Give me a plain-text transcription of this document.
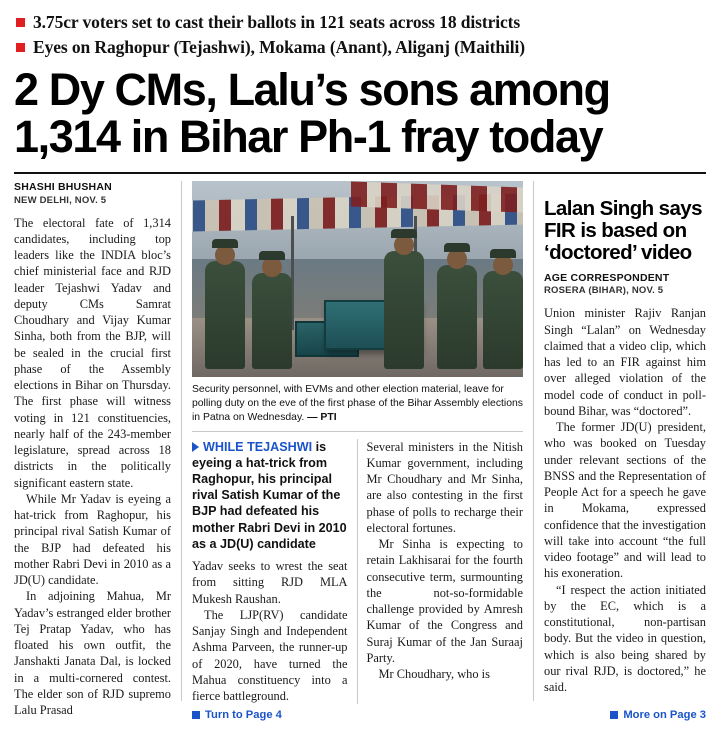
3.75cr voters set to cast their ballots in 121 seats across 18 districts
Eyes on Raghopur (Tejashwi), Mokama (Anant), Aliganj (Maithili)
2 Dy CMs, Lalu’s sons among
1,314 in Bihar Ph-1 fray today
SHASHI BHUSHAN
NEW DELHI, NOV. 5

The electoral fate of 1,314 candidates, including top leaders like the INDIA bloc’s chief ministerial face and RJD leader Tejashwi Yadav and deputy CMs Samrat Choudhary and Vijay Kumar Sinha, both from the BJP, will be sealed in the crucial first phase of the Assembly elections in Bihar on Thursday. The first phase will witness voting in 121 constituencies, nearly half of the 243-member legislature, spread across 18 districts in the politically significant eastern state.

While Mr Yadav is eyeing a hat-trick from Raghopur, his principal rival Satish Kumar of the BJP had defeated his mother Rabri Devi in 2010 as a JD(U) candidate.

In adjoining Mahua, Mr Yadav’s estranged elder brother Tej Pratap Yadav, who has floated his own outfit, the Janshakti Janata Dal, is locked in a multi-cornered contest. The elder son of RJD supremo Lalu Prasad

Security personnel, with EVMs and other election material, leave for polling duty on the eve of the first phase of the Bihar Assembly elections in Patna on Wednesday. — PTI
WHILE TEJASHWI is eyeing a hat-trick from Raghopur, his principal rival Satish Kumar of the BJP had defeated his mother Rabri Devi in 2010 as a JD(U) candidate

Yadav seeks to wrest the seat from sitting RJD MLA Mukesh Raushan.

The LJP(RV) candidate Sanjay Singh and Independent Ashma Parveen, the runner-up of 2020, have turned the Mahua constituency into a fierce battleground.

Several ministers in the Nitish Kumar government, including Mr Choudhary and Mr Sinha, are also contesting in the first phase of polls to recharge their electoral fortunes.

Mr Sinha is expecting to retain Lakhisarai for the fourth consecutive term, surmounting the not-so-formidable challenge provided by Amresh Kumar of the Congress and Suraj Kumar of the Jan Suraaj Party.

Mr Choudhary, who is

Lalan Singh says
FIR is based on
‘doctored’ video
AGE CORRESPONDENT
ROSERA (BIHAR), NOV. 5

Union minister Rajiv Ranjan Singh “Lalan” on Wednesday claimed that a video clip, which has led to an FIR against him over alleged violation of the model code of conduct in poll-bound Bihar, was “doctored”.

The former JD(U) president, who was booked on Tuesday under relevant sections of the BNSS and the Representation of People Act for a speech he gave in Mokama, expressed confidence that the investigation will take into account “the full video footage” and will lead to his exoneration.

“I respect the action initiated by the EC, which is a constitutional, non-partisan body. But the video in question, which is also being shared by our rival RJD, is doctored,” he said.

Turn to Page 4	More on Page 3
